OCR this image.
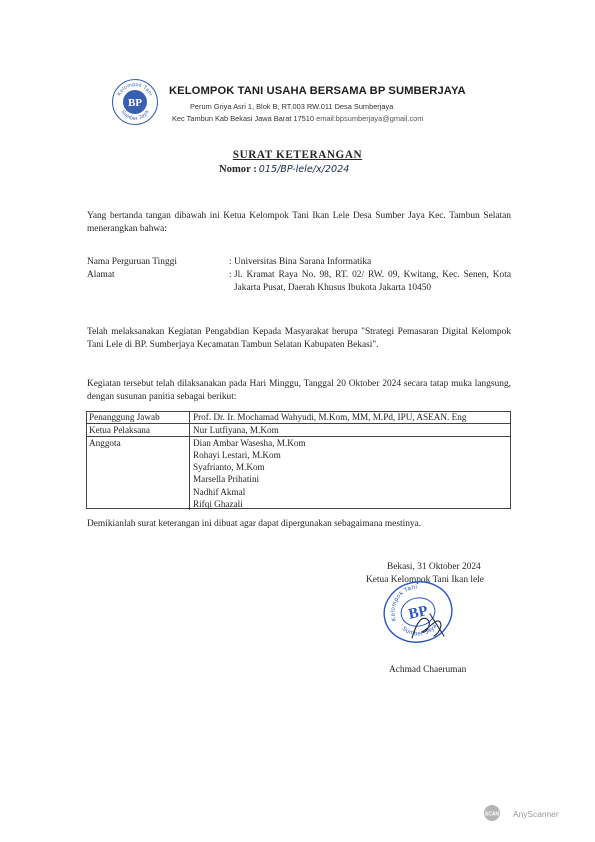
Kelompok Tani
Sumber Jaya
BP
KELOMPOK TANI USAHA BERSAMA BP SUMBERJAYA
Perum Griya Asri 1, Blok B, RT.003 RW.011 Desa Sumberjaya
Kec Tambun Kab Bekasi Jawa Barat 17510 email:bpsumberjaya@gmail.com
SURAT KETERANGAN
Nomor : 015/BP-lele/x/2024
Yang bertanda tangan dibawah ini Ketua Kelompok Tani Ikan Lele Desa Sumber Jaya Kec. Tambun Selatan menerangkan bahwa:
Nama Perguruan Tinggi	: Universitas Bina Sarana Informatika
Alamat	: Jl. Kramat Raya No. 98, RT. 02/ RW. 09, Kwitang, Kec. Senen, Kota Jakarta Pusat, Daerah Khusus Ibukota Jakarta 10450
Telah melaksanakan Kegiatan Pengabdian Kepada Masyarakat berupa "Strategi Pemasaran Digital Kelompok Tani Lele di BP. Sumberjaya Kecamatan Tambun Selatan Kabupaten Bekasi".
Kegiatan tersebut telah dilaksanakan pada Hari Minggu, Tanggal 20 Oktober 2024 secara tatap muka langsung, dengan susunan panitia sebagai berikut:
Penanggung Jawab	Prof. Dr. Ir. Mochamad Wahyudi, M.Kom, MM, M.Pd, IPU, ASEAN. Eng
Ketua Pelaksana	Nur Lutfiyana, M.Kom
Anggota	Dian Ambar Wasesha, M.Kom
	Rohayi Lestari, M.Kom
	Syafrianto, M.Kom
	Marsella Prihatini
	Nadhif Akmal
	Rifqi Ghazali
Demikianlah surat keterangan ini dibuat agar dapat dipergunakan sebagaimana mestinya.
Bekasi, 31 Oktober 2024
Ketua Kelompok Tani Ikan lele
BP
Kelompok Tani
Sumber Jaya
Achmad Chaeruman
SCAN AnyScanner
